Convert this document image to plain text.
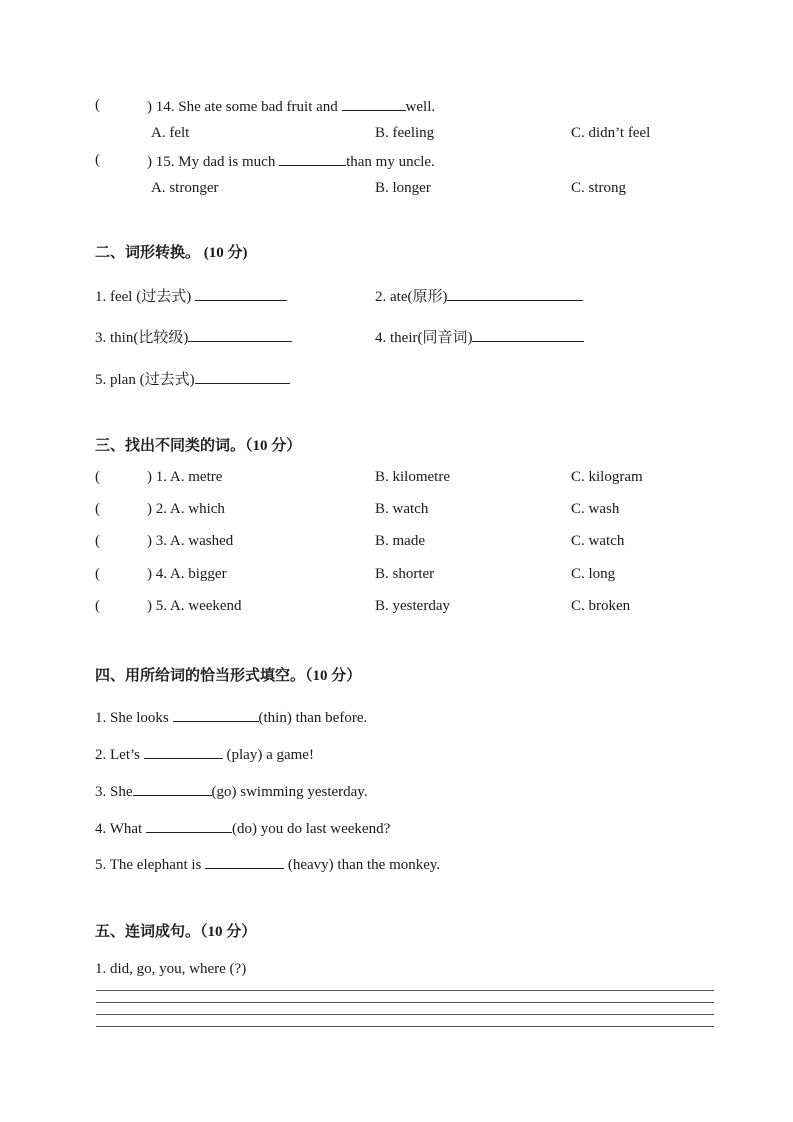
(	) 14. She ate some bad fruit and	well.
A. felt	B. feeling	C. didn’t feel
(	) 15. My dad is much	than my uncle.
A. stronger	B. longer	C. strong
二、词形转换。 (10 分)
1. feel (过去式)	2. ate(原形)
3. thin(比较级)	4. their(同音词)
5. plan (过去式)
三、找出不同类的词。（10 分）
(	) 1. A. metre	B. kilometre	C. kilogram
(	) 2. A. which	B. watch	C. wash
(	) 3. A. washed	B. made	C. watch
(	) 4. A. bigger	B. shorter	C. long
(	) 5. A. weekend	B. yesterday	C. broken
四、用所给词的恰当形式填空。（10 分）
1. She looks	(thin) than before.
2. Let’s	(play) a game!
3. She	(go) swimming yesterday.
4. What	(do) you do last weekend?
5. The elephant is	(heavy) than the monkey.
五、连词成句。（10 分）
1. did, go, you, where (?)
